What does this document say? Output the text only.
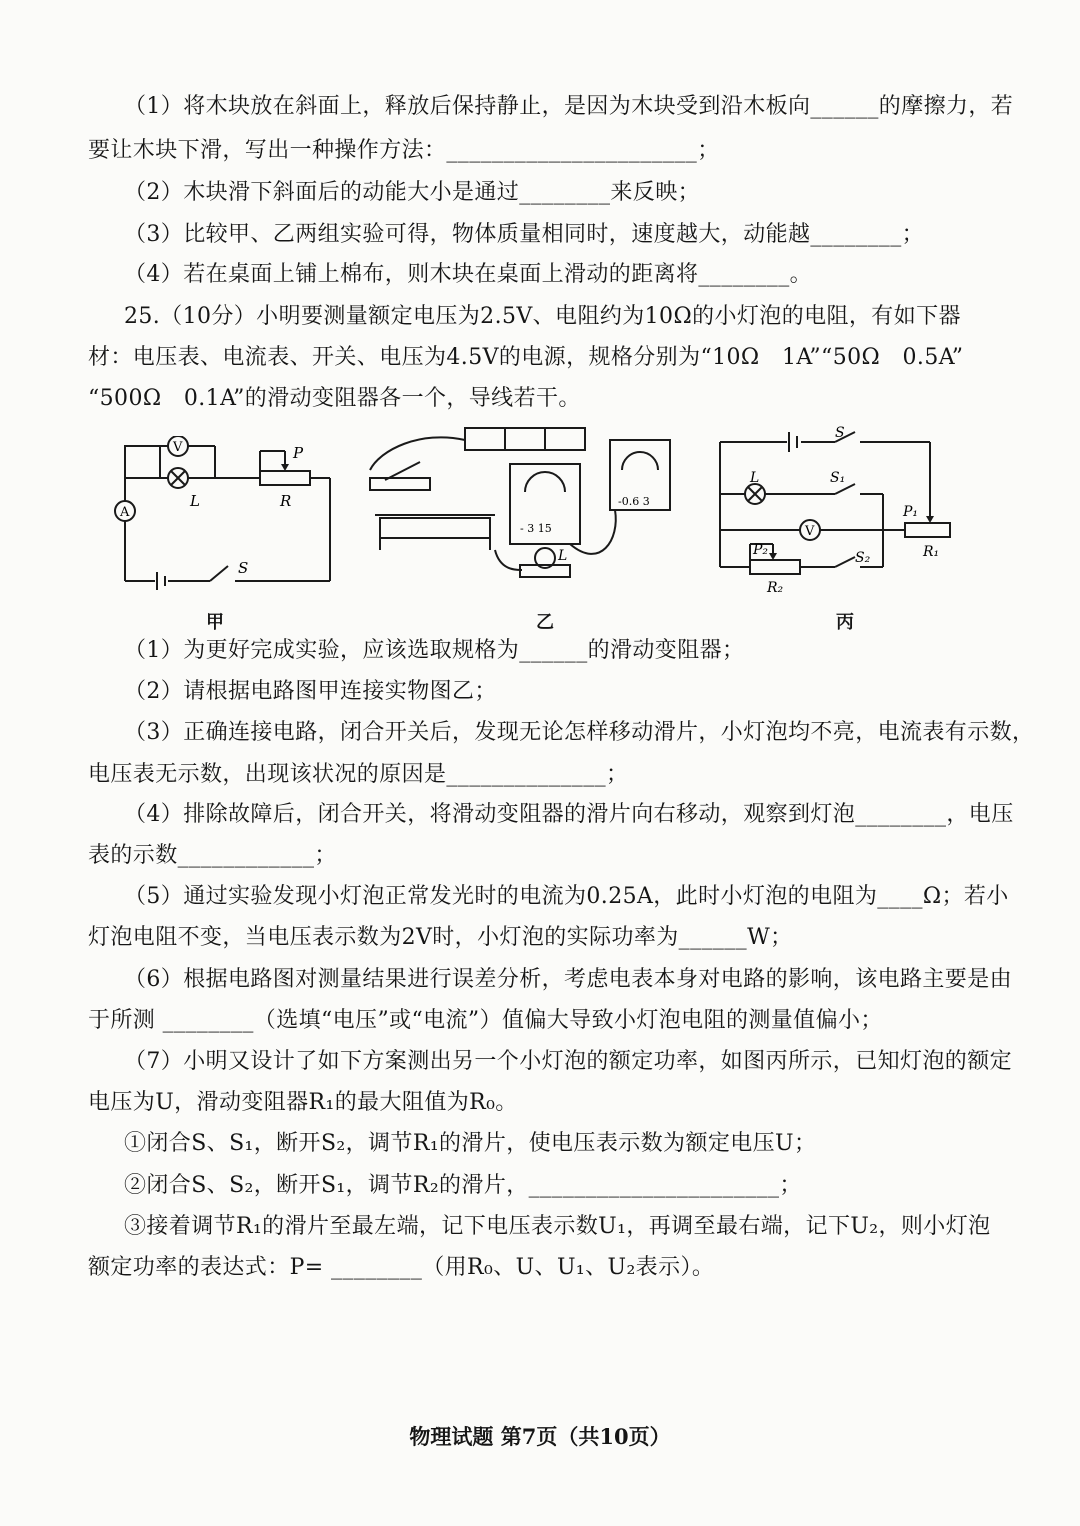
（1）将木块放在斜面上，释放后保持静止，是因为木块受到沿木板向______的摩擦力，若
要让木块下滑，写出一种操作方法：______________________；
（2）木块滑下斜面后的动能大小是通过________来反映；
（3）比较甲、乙两组实验可得，物体质量相同时，速度越大，动能越________；
（4）若在桌面上铺上棉布，则木块在桌面上滑动的距离将________。
25.（10分）小明要测量额定电压为2.5V、电阻约为10Ω的小灯泡的电阻，有如下器
材：电压表、电流表、开关、电压为4.5V的电源，规格分别为“10Ω　1A”“50Ω　0.5A”
“500Ω　0.1A”的滑动变阻器各一个，导线若干。
V
A
L
P
R
S
甲
- 3 15
-0.6 3
L
乙
V
S
L	S₁
S₂
P₁
R₁
P₂
R₂
丙
（1）为更好完成实验，应该选取规格为______的滑动变阻器；
（2）请根据电路图甲连接实物图乙；
（3）正确连接电路，闭合开关后，发现无论怎样移动滑片，小灯泡均不亮，电流表有示数，
电压表无示数，出现该状况的原因是______________；
（4）排除故障后，闭合开关，将滑动变阻器的滑片向右移动，观察到灯泡________，电压
表的示数____________；
（5）通过实验发现小灯泡正常发光时的电流为0.25A，此时小灯泡的电阻为____Ω；若小
灯泡电阻不变，当电压表示数为2V时，小灯泡的实际功率为______W；
（6）根据电路图对测量结果进行误差分析，考虑电表本身对电路的影响，该电路主要是由
于所测 ________（选填“电压”或“电流”）值偏大导致小灯泡电阻的测量值偏小；
（7）小明又设计了如下方案测出另一个小灯泡的额定功率，如图丙所示，已知灯泡的额定
电压为U，滑动变阻器R₁的最大阻值为R₀。
①闭合S、S₁，断开S₂，调节R₁的滑片，使电压表示数为额定电压U；
②闭合S、S₂，断开S₁，调节R₂的滑片，______________________；
③接着调节R₁的滑片至最左端，记下电压表示数U₁，再调至最右端，记下U₂，则小灯泡
额定功率的表达式：P= ________（用R₀、U、U₁、U₂表示）。
物理试题 第7页（共10页）
